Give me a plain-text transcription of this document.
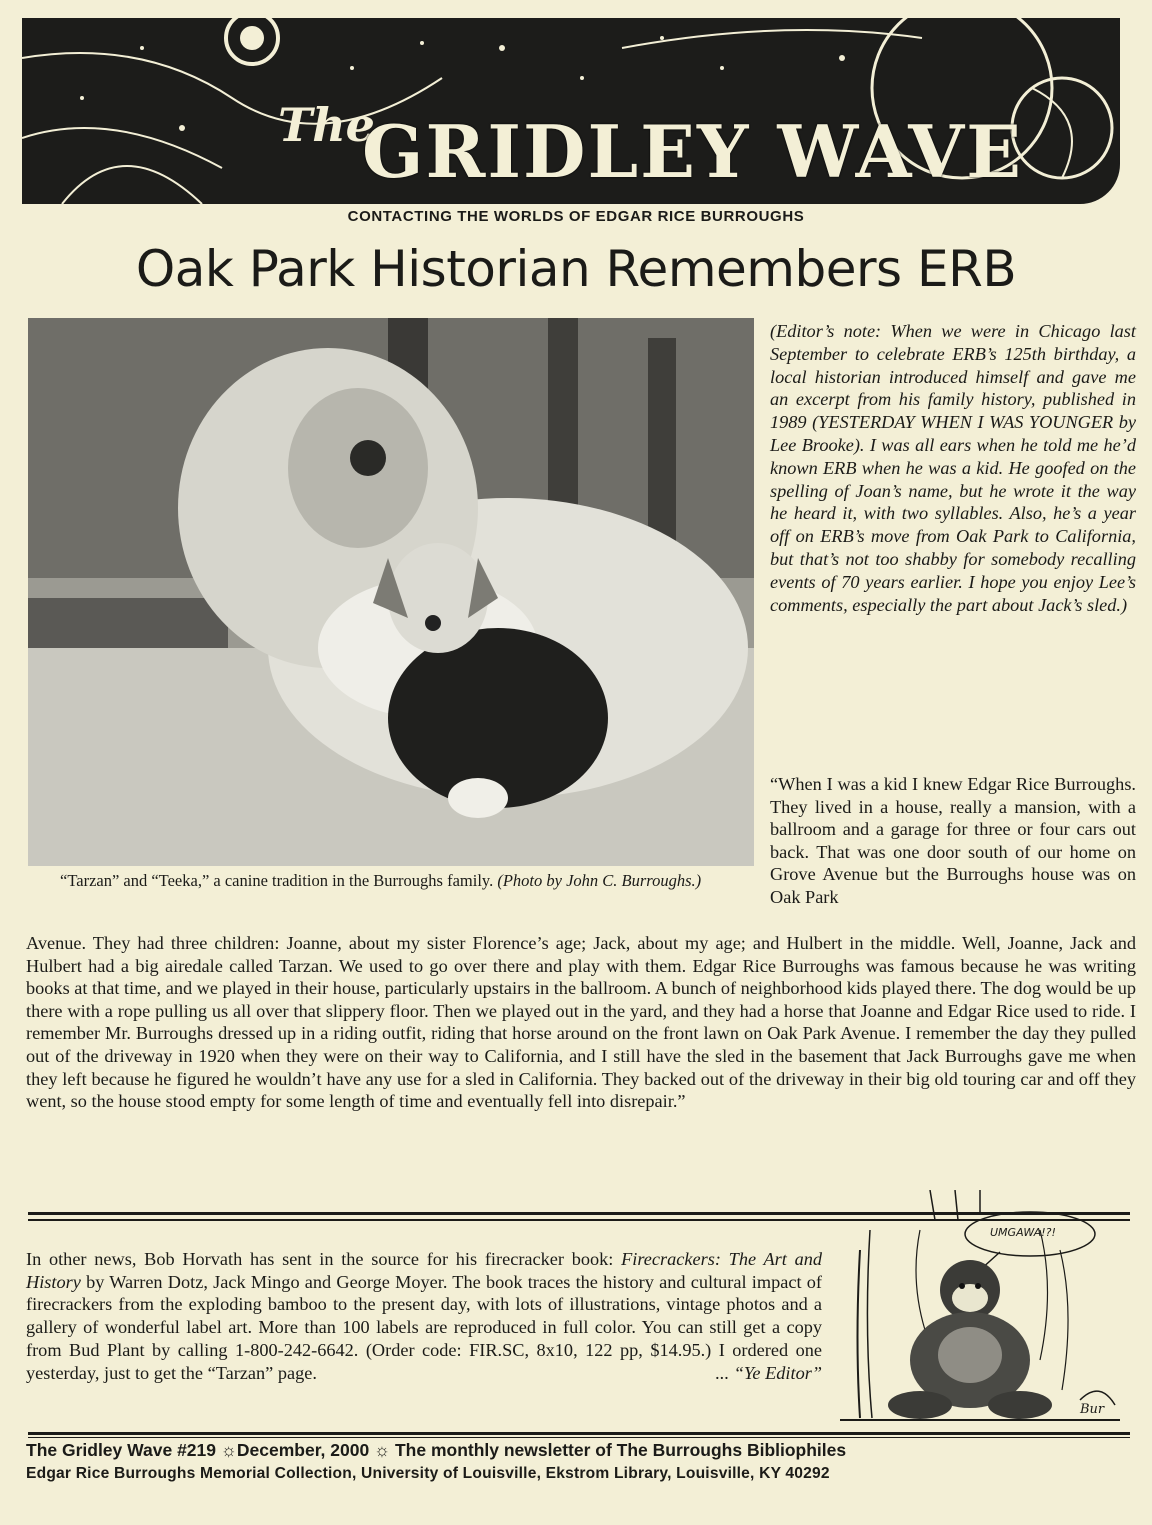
The
GRIDLEY WAVE
CONTACTING THE WORLDS OF EDGAR RICE BURROUGHS
Oak Park Historian Remembers ERB
“Tarzan” and “Teeka,” a canine tradition in the Burroughs family. (Photo by John C. Burroughs.)
(Editor’s note: When we were in Chicago last September to celebrate ERB’s 125th birthday, a local historian introduced himself and gave me an excerpt from his family history, published in 1989 (YESTERDAY WHEN I WAS YOUNGER by Lee Brooke). I was all ears when he told me he’d known ERB when he was a kid. He goofed on the spelling of Joan’s name, but he wrote it the way he heard it, with two syllables. Also, he’s a year off on ERB’s move from Oak Park to California, but that’s not too shabby for somebody recalling events of 70 years earlier. I hope you enjoy Lee’s comments, especially the part about Jack’s sled.)
“When I was a kid I knew Edgar Rice Burroughs. They lived in a house, really a mansion, with a ballroom and a garage for three or four cars out back. That was one door south of our home on Grove Avenue but the Burroughs house was on Oak Park
Avenue. They had three children: Joanne, about my sister Florence’s age; Jack, about my age; and Hulbert in the middle. Well, Joanne, Jack and Hulbert had a big airedale called Tarzan. We used to go over there and play with them. Edgar Rice Burroughs was famous because he was writing books at that time, and we played in their house, particularly upstairs in the ballroom. A bunch of neighborhood kids played there. The dog would be up there with a rope pulling us all over that slippery floor. Then we played out in the yard, and they had a horse that Joanne and Edgar Rice used to ride. I remember Mr. Burroughs dressed up in a riding outfit, riding that horse around on the front lawn on Oak Park Avenue. I remember the day they pulled out of the driveway in 1920 when they were on their way to California, and I still have the sled in the basement that Jack Burroughs gave me when they left because he figured he wouldn’t have any use for a sled in California. They backed out of the driveway in their big old touring car and off they went, so the house stood empty for some length of time and eventually fell into disrepair.”
In other news, Bob Horvath has sent in the source for his firecracker book: Firecrackers: The Art and History by Warren Dotz, Jack Mingo and George Moyer. The book traces the history and cultural impact of firecrackers from the exploding bamboo to the present day, with lots of illustrations, vintage photos and a gallery of wonderful label art. More than 100 labels are reproduced in full color. You can still get a copy from Bud Plant by calling 1-800-242-6642. (Order code: FIR.SC, 8x10, 122 pp, $14.95.) I ordered one yesterday, just to get the “Tarzan” page.	... “Ye Editor”
UMGAWA!?!
Bur
The Gridley Wave #219 ☼December, 2000 ☼ The monthly newsletter of The Burroughs Bibliophiles
Edgar Rice Burroughs Memorial Collection, University of Louisville, Ekstrom Library, Louisville, KY 40292
